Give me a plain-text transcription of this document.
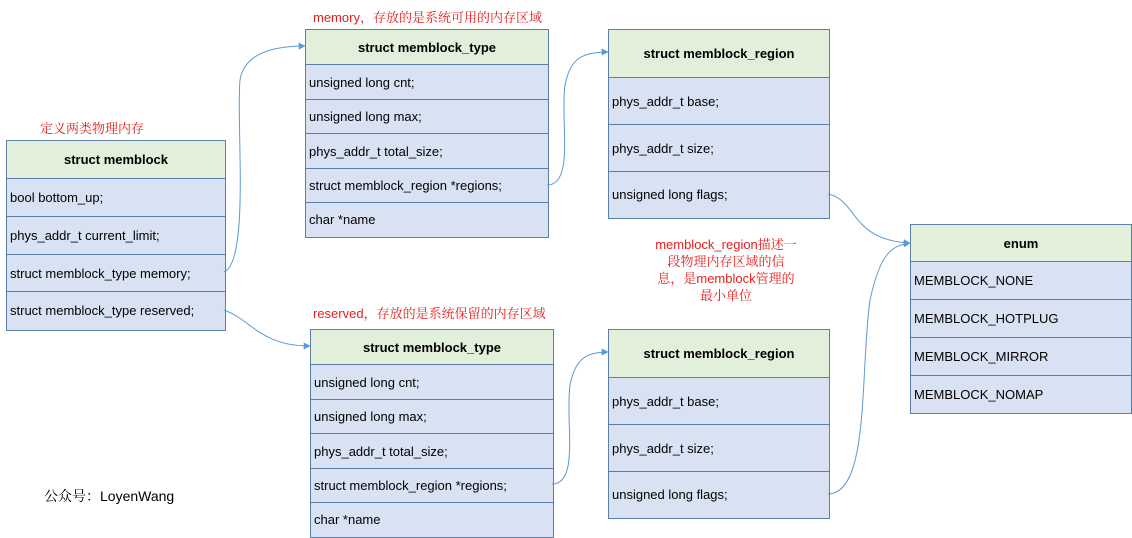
struct memblock
bool bottom_up;
phys_addr_t current_limit;
struct memblock_type memory;
struct memblock_type reserved;
struct memblock_type
unsigned long cnt;
unsigned long max;
phys_addr_t total_size;
struct memblock_region *regions;
char *name
struct memblock_type
unsigned long cnt;
unsigned long max;
phys_addr_t total_size;
struct memblock_region *regions;
char *name
struct memblock_region
phys_addr_t base;
phys_addr_t size;
unsigned long flags;
struct memblock_region
phys_addr_t base;
phys_addr_t size;
unsigned long flags;
enum
MEMBLOCK_NONE
MEMBLOCK_HOTPLUG
MEMBLOCK_MIRROR
MEMBLOCK_NOMAP
定义两类物理内存
memory，存放的是系统可用的内存区域
reserved，存放的是系统保留的内存区域
memblock_region描述一
段物理内存区域的信
息，是memblock管理的
最小单位
公众号：LoyenWang
